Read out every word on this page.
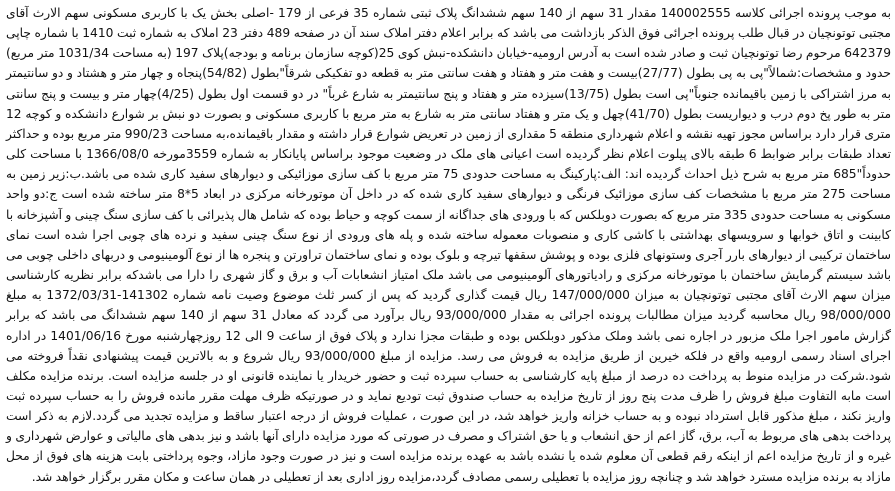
به موجب پرونده اجرائی کلاسه 140002555 مقدار 31 سهم از 140 سهم ششدانگ پلاک ثبتی شماره 35 فرعی از 179 -اصلی بخش یک با کاربری مسکونی سهم الارث آقای مجتبی توتونچیان در قبال طلب پرونده اجرائی فوق الذکر بازداشت می باشد که برابر اعلام دفتر املاک سند آن در صفحه 489 دفتر 23 املاک به شماره ثبت 1410 با شماره چاپی 642379 مرحوم رضا توتونچیان ثبت و صادر شده است به آدرس ارومیه-خیابان دانشکده-نبش کوی 25(کوچه سازمان برنامه و بودجه)پلاک 197 (به مساحت 1031/34 متر مربع) حدود و مشخصات:شمالاً"پی به پی بطول (27/77)بیست و هفت متر و هفتاد و هفت سانتی متر به قطعه دو تفکیکی شرقاً"بطول (54/82)پنجاه و چهار متر و هشتاد و دو سانتیمتر به مرز اشتراکی با زمین باقیمانده جنوباً"پی است بطول (13/75)سیزده متر و هفتاد و پنج سانتیمتر به شارع غرباً" در دو قسمت اول بطول (4/25)چهار متر و بیست و پنج سانتی متر به طور پخ دوم درب و دیواریست بطول (41/70)چهل و یک متر و هفتاد سانتی متر به شارع به متر مربع با کاربری مسکونی و بصورت دو نبش بر شوارع دانشکده و کوچه 12 متری قرار دارد براساس مجوز تهیه نقشه و اعلام شهرداری منطقه 5 مقداری از زمین در تعریض شوارع قرار داشته و مقدار باقیمانده،به مساحت 990/23 متر مربع بوده و حداکثر تعداد طبقات برابر ضوابط 6 طبقه بالای پیلوت اعلام نظر گردیده است اعیانی های ملک در وضعیت موجود براساس پایانکار به شماره 3559مورخه 1366/08/0 با مساحت کلی حدوداً"685 متر مربع به شرح ذیل احداث گردیده اند: الف:پارکینگ به مساحت حدودی 75 متر مربع با کف سازی موزائیکی و دیوارهای سفید کاری شده می باشد.ب:زیر زمین به مساحت 275 متر مربع با مشخصات کف سازی موزائیک فرنگی و دیوارهای سفید کاری شده که در داخل آن موتورخانه مرکزی در ابعاد 5*8 متر ساخته شده است ج:دو واحد مسکونی به مساحت حدودی 335 متر مربع که بصورت دوبلکس که با ورودی های جداگانه از سمت کوچه و حیاط بوده که شامل هال پذیرائی با کف سازی سنگ چینی و آشپزخانه با کابینت و اتاق خوابها و سرویسهای بهداشتی با کاشی کاری و منصوبات معموله ساخته شده و پله های ورودی از نوع سنگ چینی سفید و نرده های چوبی اجرا شده است نمای ساختمان ترکیبی از دیوارهای بارر آجری وستونهای فلزی بوده و پوشش سقفها تیرچه و بلوک بوده و نمای ساختمان تراورتن و پنجره ها از نوع آلومینیومی و دربهای داخلی چوبی می باشد سیستم گرمایش ساختمان با موتورخانه مرکزی و رادیاتورهای آلومینیومی می باشد ملک امتیاز انشعابات آب و برق و گاز شهری را دارا می باشدکه برابر نظریه کارشناسی میزان سهم الارث آقای مجتبی توتونچیان به میزان 147/000/000 ریال قیمت گذاری گردید که پس از کسر ثلث موضوع وصیت نامه شماره 141302-1372/03/31 به مبلغ 98/000/000 ریال محاسبه گردید میزان مطالبات پرونده اجرائی به مقدار 93/000/000 ریال برآورد می گردد که معادل 31 سهم از 140 سهم ششدانگ می باشد که برابر گزارش مامور اجرا ملک مزبور در اجاره نمی باشد وملک مذکور دوبلکس بوده و طبقات مجزا ندارد و پلاک فوق از ساعت 9 الی 12 روزچهارشنبه مورخ 1401/06/16 در اداره اجرای اسناد رسمی ارومیه واقع در فلکه خیرین از طریق مزایده به فروش می رسد. مزایده از مبلغ 93/000/000 ریال شروع و به بالاترین قیمت پیشنهادی نقداً فروخته می شود.شرکت در مزایده منوط به پرداخت ده درصد از مبلغ پایه کارشناسی به حساب سپرده ثبت و حضور خریدار یا نماینده قانونی او در جلسه مزایده است. برنده مزایده مکلف است مابه التفاوت مبلغ فروش را ظرف مدت پنج روز از تاریخ مزایده به حساب صندوق ثبت تودیع نماید و در صورتیکه ظرف مهلت مقرر مانده فروش را به حساب سپرده ثبت واریز نکند ، مبلغ مذکور قابل استرداد نبوده و به حساب خزانه واریز خواهد شد، در این صورت ، عملیات فروش از درجه اعتبار ساقط و مزایده تجدید می گردد.لازم به ذکر است پرداخت بدهی های مربوط به آب، برق، گاز اعم از حق انشعاب و یا حق اشتراک و مصرف در صورتی که مورد مزایده دارای آنها باشد و نیز بدهی های مالیاتی و عوارض شهرداری و غیره و از تاریخ مزایده اعم از اینکه رقم قطعی آن معلوم شده یا نشده باشد به عهده برنده مزایده است و نیز در صورت وجود مازاد، وجوه پرداختی بابت هزینه های فوق از محل مازاد به برنده مزایده مسترد خواهد شد و چنانچه روز مزایده با تعطیلی رسمی مصادف گردد،مزایده روز اداری بعد از تعطیلی در همان ساعت و مکان مقرر برگزار خواهد شد.
